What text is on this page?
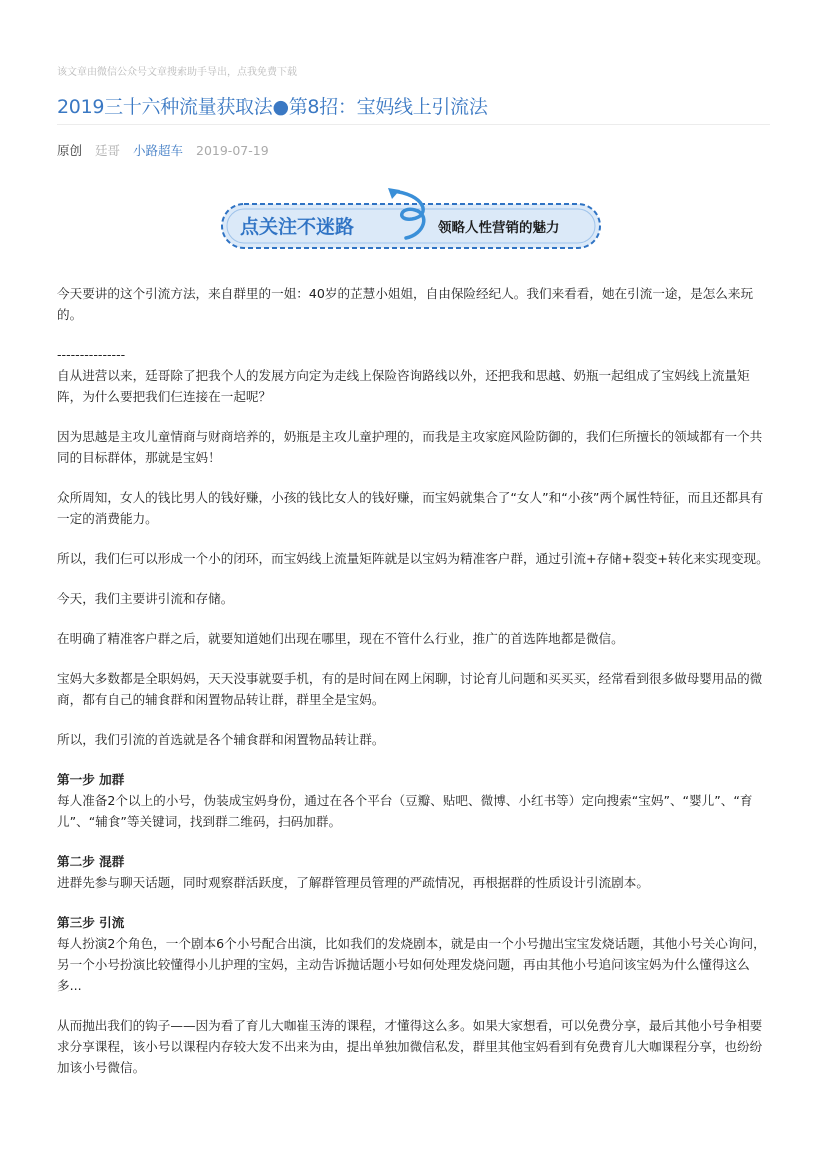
该文章由微信公众号文章搜索助手导出，点我免费下载
2019三十六种流量获取法●第8招：宝妈线上引流法
原创 廷哥 小路超车 2019-07-19
点关注不迷路	领略人性营销的魅力

今天要讲的这个引流方法，来自群里的一姐：40岁的芷慧小姐姐，自由保险经纪人。我们来看看，她在引流一途，是怎么来玩的。

---------------

自从进营以来，廷哥除了把我个人的发展方向定为走线上保险咨询路线以外，还把我和思越、奶瓶一起组成了宝妈线上流量矩阵，为什么要把我们仨连接在一起呢？

因为思越是主攻儿童情商与财商培养的，奶瓶是主攻儿童护理的，而我是主攻家庭风险防御的，我们仨所擅长的领域都有一个共同的目标群体，那就是宝妈！

众所周知，女人的钱比男人的钱好赚，小孩的钱比女人的钱好赚，而宝妈就集合了“女人”和“小孩”两个属性特征，而且还都具有一定的消费能力。

所以，我们仨可以形成一个小的闭环，而宝妈线上流量矩阵就是以宝妈为精准客户群，通过引流+存储+裂变+转化来实现变现。

今天，我们主要讲引流和存储。

在明确了精准客户群之后，就要知道她们出现在哪里，现在不管什么行业，推广的首选阵地都是微信。

宝妈大多数都是全职妈妈，天天没事就耍手机，有的是时间在网上闲聊，讨论育儿问题和买买买，经常看到很多做母婴用品的微商，都有自己的辅食群和闲置物品转让群，群里全是宝妈。

所以，我们引流的首选就是各个辅食群和闲置物品转让群。

第一步 加群

每人准备2个以上的小号，伪装成宝妈身份，通过在各个平台（豆瓣、贴吧、微博、小红书等）定向搜索“宝妈”、“婴儿”、“育儿”、“辅食”等关键词，找到群二维码，扫码加群。

第二步 混群

进群先参与聊天话题，同时观察群活跃度，了解群管理员管理的严疏情况，再根据群的性质设计引流剧本。

第三步 引流

每人扮演2个角色，一个剧本6个小号配合出演，比如我们的发烧剧本，就是由一个小号抛出宝宝发烧话题，其他小号关心询问，另一个小号扮演比较懂得小儿护理的宝妈，主动告诉抛话题小号如何处理发烧问题，再由其他小号追问该宝妈为什么懂得这么多...

从而抛出我们的钩子——因为看了育儿大咖崔玉涛的课程，才懂得这么多。如果大家想看，可以免费分享，最后其他小号争相要求分享课程，该小号以课程内存较大发不出来为由，提出单独加微信私发，群里其他宝妈看到有免费育儿大咖课程分享，也纷纷加该小号微信。
